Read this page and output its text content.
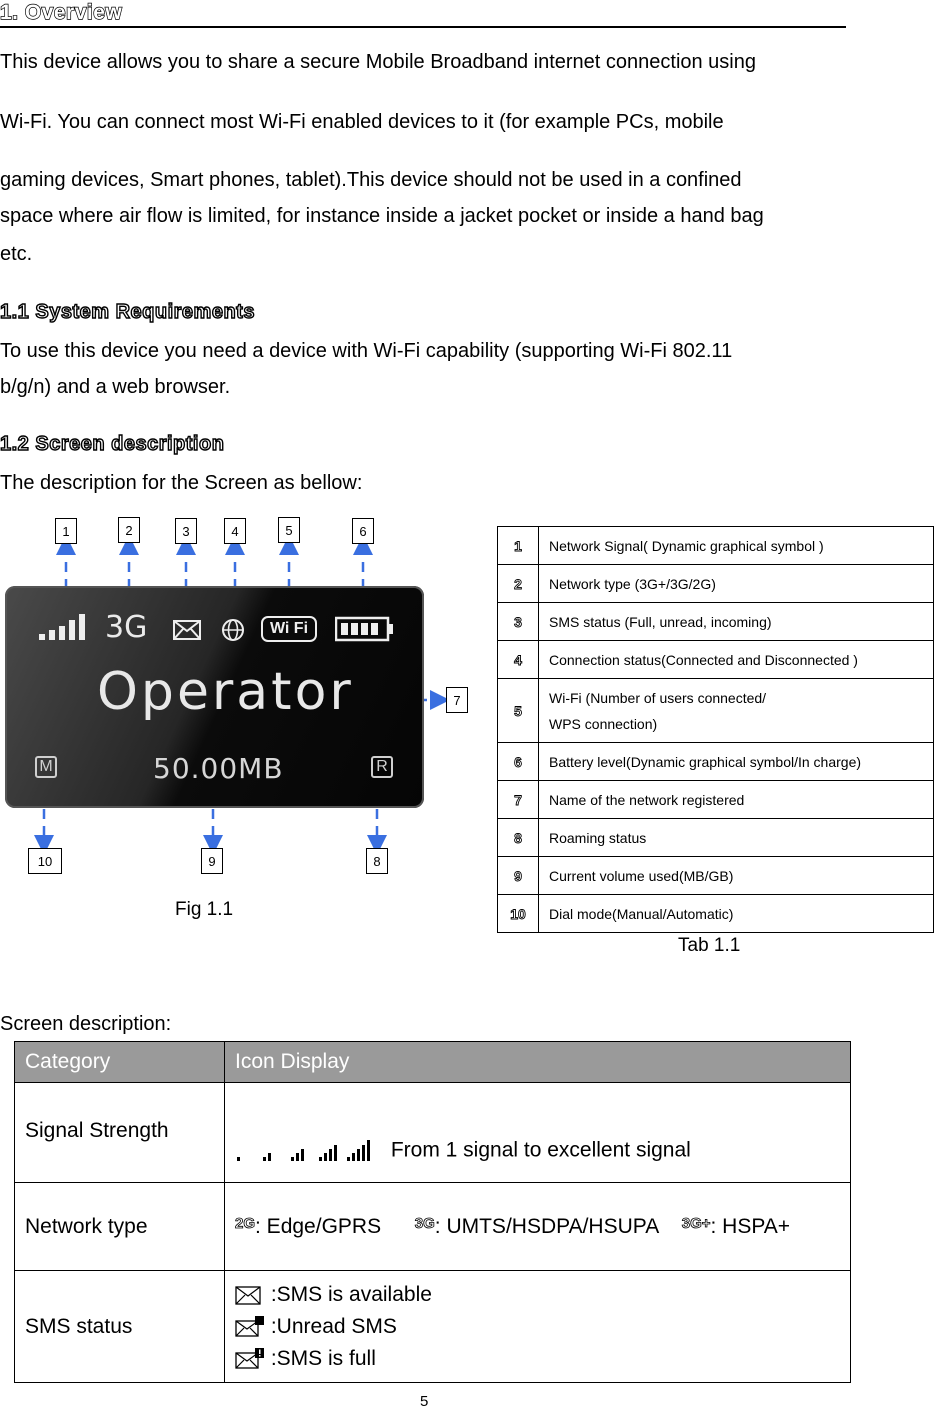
1. Overview
This device allows you to share a secure Mobile Broadband internet connection using
Wi-Fi. You can connect most Wi-Fi enabled devices to it (for example PCs, mobile
gaming devices, Smart phones, tablet).This device should not be used in a confined
space where air flow is limited, for instance inside a jacket pocket or inside a hand bag
etc.
1.1 System Requirements
To use this device you need a device with Wi-Fi capability (supporting Wi-Fi 802.11
b/g/n) and a web browser.
1.2 Screen description
The description for the Screen as bellow:
1	2	3	4	5	6
7
8
9
10
3G	Wi Fi
Operator
M	50.00MB	R
Fig 1.1
1	Network Signal( Dynamic graphical symbol )
2	Network type (3G+/3G/2G)
3	SMS status (Full, unread, incoming)
4	Connection status(Connected and Disconnected )
5	Wi-Fi (Number of users connected/
WPS connection)

6	Battery level(Dynamic graphical symbol/In charge)
7	Name of the network registered
8	Roaming status
9	Current volume used(MB/GB)
10	Dial mode(Manual/Automatic)
Tab 1.1
Screen description:
Category	Icon Display
Signal Strength	From 1 signal to excellent signal
Network type	2G: Edge/GPRS 3G: UMTS/HSDPA/HSUPA 3G+: HSPA+
SMS status	:SMS is available
:Unread SMS
:SMS is full
5
